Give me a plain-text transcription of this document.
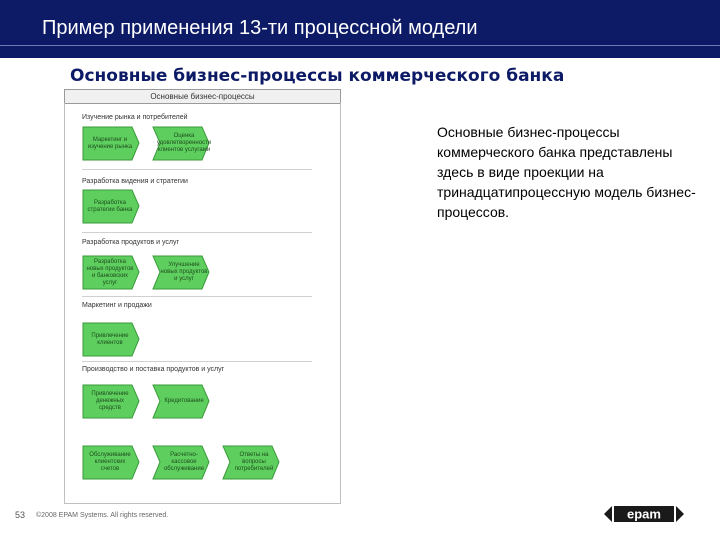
Пример применения 13-ти процессной модели
Основные бизнес-процессы коммерческого банка
Основные бизнес-процессы коммерческого банка представлены здесь в виде проекции на тринадцатипроцессную модель бизнес-процессов.
Основные бизнес-процессы
Изучение рынка и потребителей
Маркетинг и изучение рынка
Оценка удовлетворенности клиентов услугами
Разработка видения и стратегии
Разработка стратегии банка
Разработка продуктов и услуг
Разработка новых продуктов и банковских услуг
Улучшение новых продуктов и услуг
Маркетинг и продажи
Привлечение клиентов
Производство и поставка продуктов и услуг
Привлечение денежных средств
Кредитование
Обслуживание клиентских счетов
Расчетно-кассовое обслуживание
Ответы на вопросы потребителей
53 ©2008 EPAM Systems. All rights reserved.	epam
